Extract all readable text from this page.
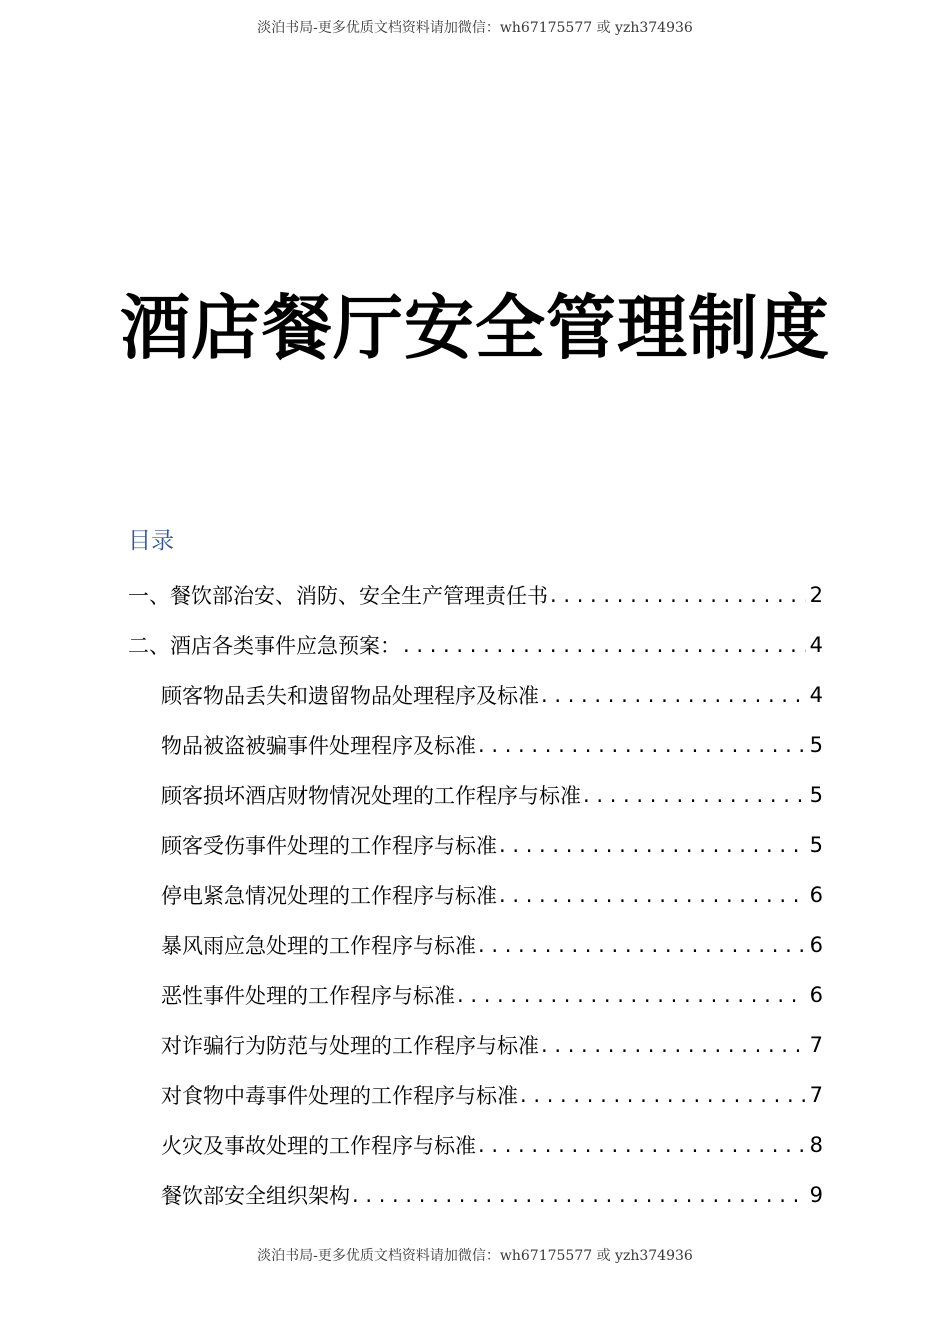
淡泊书局-更多优质文档资料请加微信：wh67175577 或 yzh374936
酒店餐厅安全管理制度
目录
一、餐饮部治安、消防、安全生产管理责任书 . . .	2
二、酒店各类事件应急预案： . . .	4
顾客物品丢失和遗留物品处理程序及标准 . . .	4
物品被盗被骗事件处理程序及标准 . . .	5
顾客损坏酒店财物情况处理的工作程序与标准 . . .	5
顾客受伤事件处理的工作程序与标准 . . .	5
停电紧急情况处理的工作程序与标准 . . .	6
暴风雨应急处理的工作程序与标准 . . .	6
恶性事件处理的工作程序与标准 . . .	6
对诈骗行为防范与处理的工作程序与标准 . . .	7
对食物中毒事件处理的工作程序与标准 . . .	7
火灾及事故处理的工作程序与标准 . . .	8
餐饮部安全组织架构 . . .	9
淡泊书局-更多优质文档资料请加微信：wh67175577 或 yzh374936
